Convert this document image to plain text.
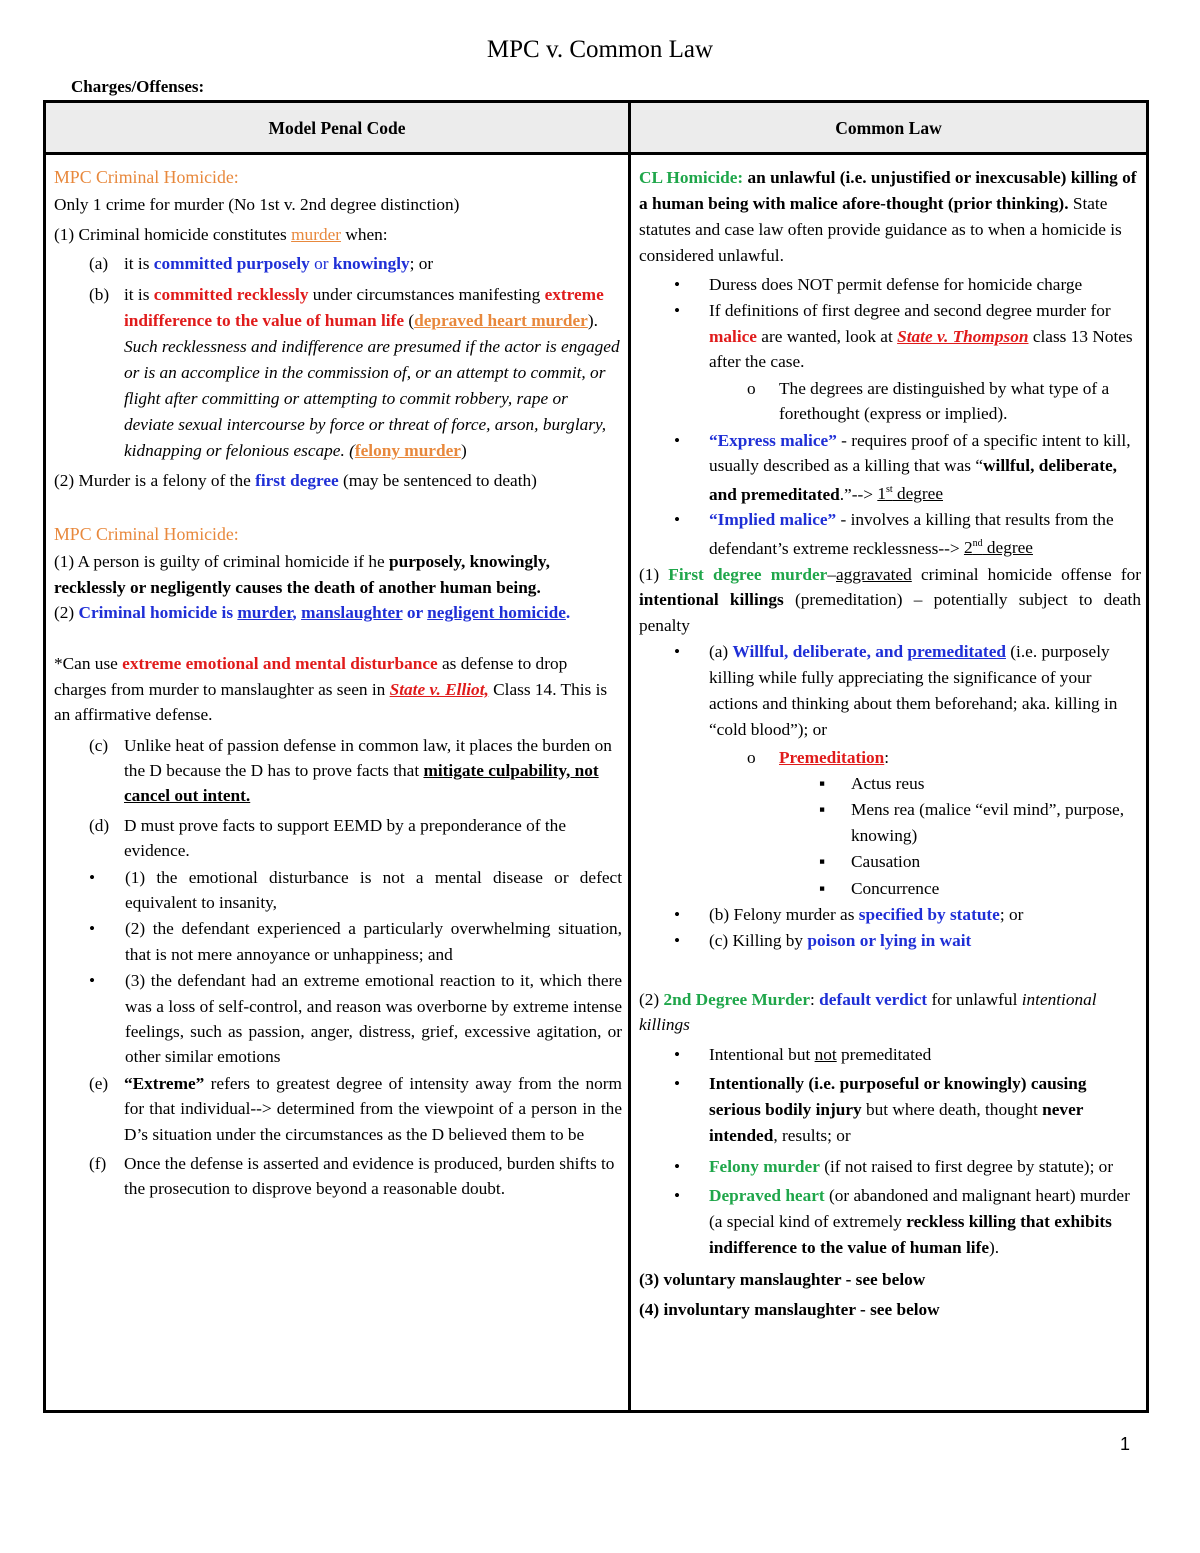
MPC v. Common Law
Charges/Offenses:
Model Penal Code	Common Law

MPC Criminal Homicide:

Only 1 crime for murder (No 1st v. 2nd degree distinction)

(1) Criminal homicide constitutes murder when:

(a) it is committed purposely or knowingly; or
(b) it is committed recklessly under circumstances manifesting extreme indifference to the value of human life (depraved heart murder). Such recklessness and indifference are presumed if the actor is engaged or is an accomplice in the commission of, or an attempt to commit, or flight after committing or attempting to commit robbery, rape or deviate sexual intercourse by force or threat of force, arson, burglary, kidnapping or felonious escape. (felony murder)

(2) Murder is a felony of the first degree (may be sentenced to death)

MPC Criminal Homicide:

(1) A person is guilty of criminal homicide if he purposely, knowingly, recklessly or negligently causes the death of another human being.

(2) Criminal homicide is murder, manslaughter or negligent homicide.

*Can use extreme emotional and mental disturbance as defense to drop charges from murder to manslaughter as seen in State v. Elliot, Class 14. This is an affirmative defense.

(c) Unlike heat of passion defense in common law, it places the burden on the D because the D has to prove facts that mitigate culpability, not cancel out intent.
(d) D must prove facts to support EEMD by a preponderance of the evidence.
• (1) the emotional disturbance is not a mental disease or defect equivalent to insanity,
• (2) the defendant experienced a particularly overwhelming situation, that is not mere annoyance or unhappiness; and
• (3) the defendant had an extreme emotional reaction to it, which there was a loss of self-control, and reason was overborne by extreme intense feelings, such as passion, anger, distress, grief, excessive agitation, or other similar emotions
(e) “Extreme” refers to greatest degree of intensity away from the norm for that individual--> determined from the viewpoint of a person in the D’s situation under the circumstances as the D believed them to be
(f) Once the defense is asserted and evidence is produced, burden shifts to the prosecution to disprove beyond a reasonable doubt.

CL Homicide: an unlawful (i.e. unjustified or inexcusable) killing of a human being with malice afore-thought (prior thinking). State statutes and case law often provide guidance as to when a homicide is considered unlawful.

• Duress does NOT permit defense for homicide charge
• If definitions of first degree and second degree murder for malice are wanted, look at State v. Thompson class 13 Notes after the case.
o The degrees are distinguished by what type of a forethought (express or implied).
• “Express malice” - requires proof of a specific intent to kill, usually described as a killing that was “willful, deliberate, and premeditated.”--> 1st degree
• “Implied malice” - involves a killing that results from the defendant’s extreme recklessness--> 2nd degree

(1) First degree murder–aggravated criminal homicide offense for intentional killings (premeditation) – potentially subject to death penalty

• (a) Willful, deliberate, and premeditated (i.e. purposely killing while fully appreciating the significance of your actions and thinking about them beforehand; aka. killing in “cold blood”); or
o Premeditation:
▪ Actus reus
▪ Mens rea (malice “evil mind”, purpose, knowing)
▪ Causation
▪ Concurrence
• (b) Felony murder as specified by statute; or
• (c) Killing by poison or lying in wait

(2) 2nd Degree Murder: default verdict for unlawful intentional killings

• Intentional but not premeditated
• Intentionally (i.e. purposeful or knowingly) causing serious bodily injury but where death, thought never intended, results; or
• Felony murder (if not raised to first degree by statute); or
• Depraved heart (or abandoned and malignant heart) murder (a special kind of extremely reckless killing that exhibits indifference to the value of human life).

(3) voluntary manslaughter - see below

(4) involuntary manslaughter - see below

1
